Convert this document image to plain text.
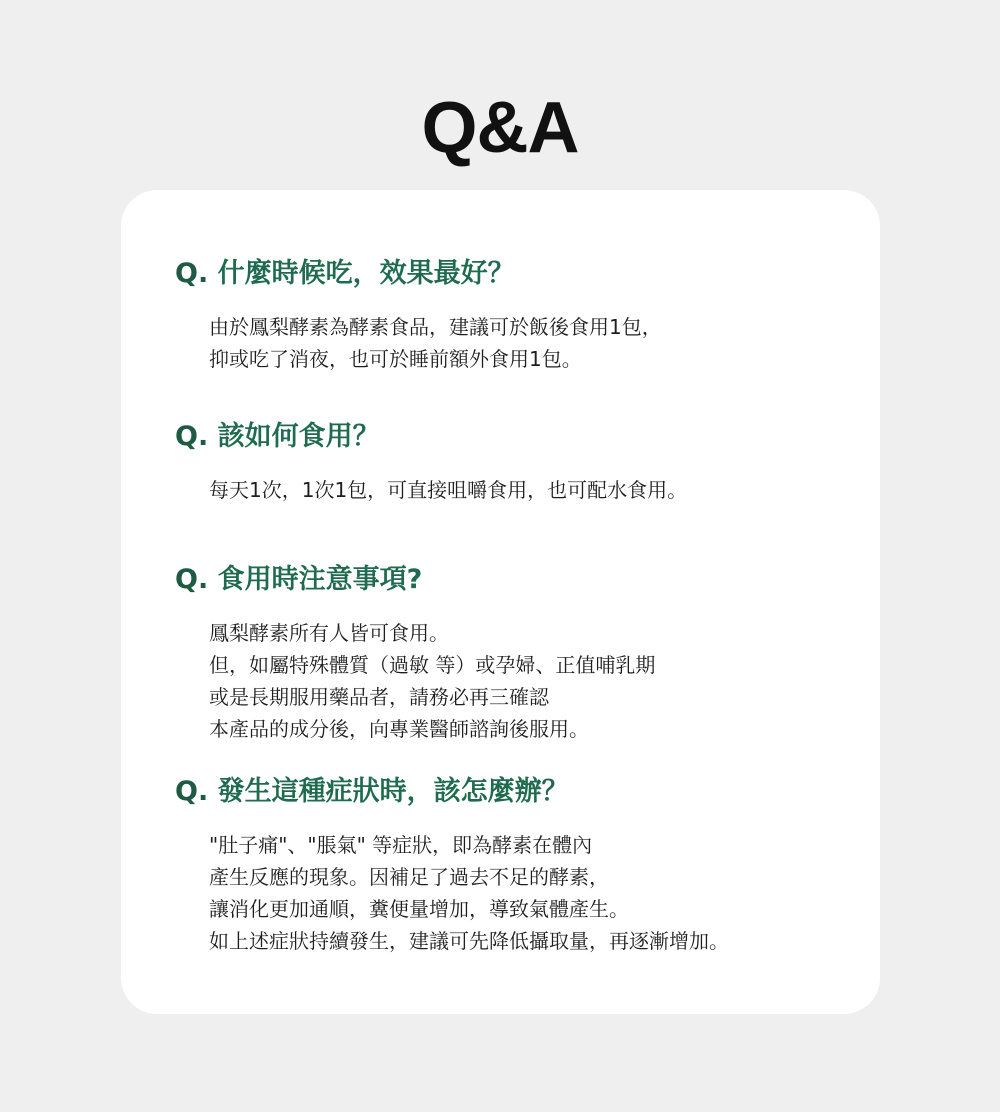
Q&A

Q. 什麼時候吃，效果最好？

由於鳳梨酵素為酵素食品，建議可於飯後食用1包，
抑或吃了消夜，也可於睡前額外食用1包。

Q. 該如何食用？

每天1次，1次1包，可直接咀嚼食用，也可配水食用。

Q. 食用時注意事項?

鳳梨酵素所有人皆可食用。
但，如屬特殊體質（過敏 等）或孕婦、正值哺乳期
或是長期服用藥品者，請務必再三確認
本產品的成分後，向專業醫師諮詢後服用。

Q. 發生這種症狀時，該怎麼辦？

"肚子痛"、"脹氣" 等症狀，即為酵素在體內
產生反應的現象。因補足了過去不足的酵素，
讓消化更加通順，糞便量增加，導致氣體產生。
如上述症狀持續發生，建議可先降低攝取量，再逐漸增加。
